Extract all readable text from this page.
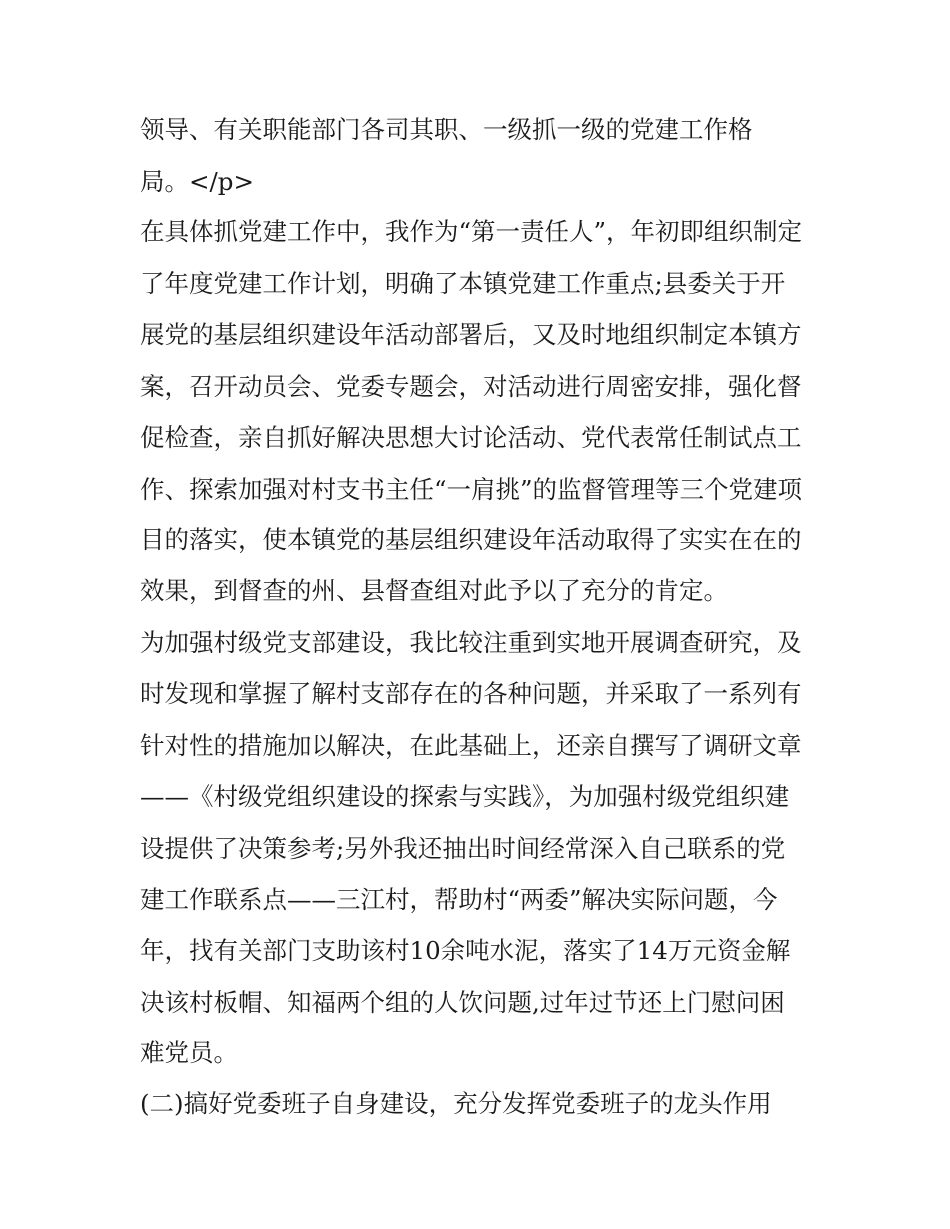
领导、有关职能部门各司其职、一级抓一级的党建工作格

局。</p>

在具体抓党建工作中，我作为“第一责任人”，年初即组织制定

了年度党建工作计划，明确了本镇党建工作重点;县委关于开

展党的基层组织建设年活动部署后，又及时地组织制定本镇方

案，召开动员会、党委专题会，对活动进行周密安排，强化督

促检查，亲自抓好解决思想大讨论活动、党代表常任制试点工

作、探索加强对村支书主任“一肩挑”的监督管理等三个党建项

目的落实，使本镇党的基层组织建设年活动取得了实实在在的

效果，到督查的州、县督查组对此予以了充分的肯定。

为加强村级党支部建设，我比较注重到实地开展调查研究，及

时发现和掌握了解村支部存在的各种问题，并采取了一系列有

针对性的措施加以解决，在此基础上，还亲自撰写了调研文章

——《村级党组织建设的探索与实践》，为加强村级党组织建

设提供了决策参考;另外我还抽出时间经常深入自己联系的党

建工作联系点——三江村，帮助村“两委”解决实际问题，今

年，找有关部门支助该村10余吨水泥，落实了14万元资金解

决该村板帽、知福两个组的人饮问题,过年过节还上门慰问困

难党员。

(二)搞好党委班子自身建设，充分发挥党委班子的龙头作用
